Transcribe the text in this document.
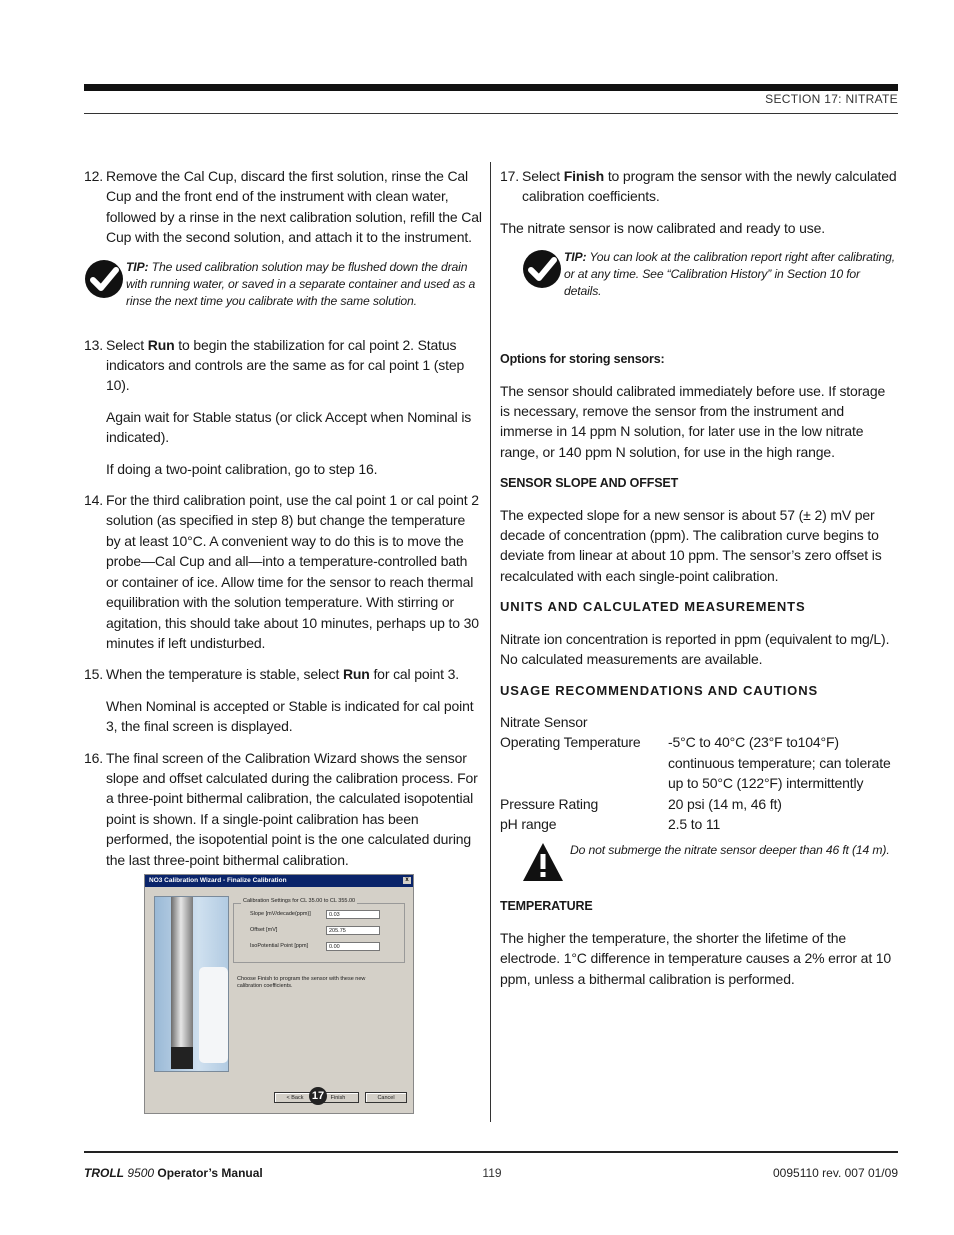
SECTION 17: NITRATE
12. Remove the Cal Cup, discard the first solution, rinse the Cal Cup and the front end of the instrument with clean water, followed by a rinse in the next calibration solution, refill the Cal Cup with the second solution, and attach it to the instrument.
TIP: The used calibration solution may be flushed down the drain with running water, or saved in a separate container and used as a rinse the next time you calibrate with the same solution.
13. Select Run to begin the stabilization for cal point 2. Status indicators and controls are the same as for cal point 1 (step 10).

Again wait for Stable status (or click Accept when Nominal is indicated).

If doing a two-point calibration, go to step 16.

14. For the third calibration point, use the cal point 1 or cal point 2 solution (as specified in step 8) but change the temperature by at least 10°C. A convenient way to do this is to move the probe—Cal Cup and all—into a temperature-controlled bath or container of ice. Allow time for the sensor to reach thermal equilibration with the solution temperature. With stirring or agitation, this should take about 10 minutes, perhaps up to 30 minutes if left undisturbed.
15. When the temperature is stable, select Run for cal point 3.

When Nominal is accepted or Stable is indicated for cal point 3, the final screen is displayed.

16. The final screen of the Calibration Wizard shows the sensor slope and offset calculated during the calibration process. For a three-point bithermal calibration, the calculated isopotential point is shown. If a single-point calibration has been performed, the isopotential point is the one calculated during the last three-point bithermal calibration.
NO3 Calibration Wizard - Finalize Calibration	x
Calibration Settings for CL 35.00 to CL 355.00
Slope [mV/decade(ppm)]	0.03
Offset [mV]	205.75
IsoPotential Point [ppm]	0.00
Choose Finish to program the sensor with these new calibration coefficients.
< Back	Finish	Cancel
17
17. Select Finish to program the sensor with the newly calculated calibration coefficients.

The nitrate sensor is now calibrated and ready to use.

TIP: You can look at the calibration report right after calibrating, or at any time. See “Calibration History” in Section 10 for details.
Options for storing sensors:

The sensor should calibrated immediately before use. If storage is necessary, remove the sensor from the instrument and immerse in 14 ppm N solution, for later use in the low nitrate range, or 140 ppm N solution, for use in the high range.

SENSOR SLOPE AND OFFSET

The expected slope for a new sensor is about 57 (± 2) mV per decade of concentration (ppm). The calibration curve begins to deviate from linear at about 10 ppm. The sensor’s zero offset is recalculated with each single-point calibration.

UNITS AND CALCULATED MEASUREMENTS

Nitrate ion concentration is reported in ppm (equivalent to mg/L). No calculated measurements are available.

USAGE RECOMMENDATIONS AND CAUTIONS
Nitrate Sensor
Operating Temperature	-5°C to 40°C (23°F to104°F) continuous temperature; can tolerate up to 50°C (122°F) intermittently
Pressure Rating	20 psi (14 m, 46 ft)
pH range	2.5 to 11
Do not submerge the nitrate sensor deeper than 46 ft (14 m).
TEMPERATURE

The higher the temperature, the shorter the lifetime of the electrode. 1°C difference in temperature causes a 2% error at 10 ppm, unless a bithermal calibration is performed.

TROLL 9500 Operator’s Manual	119	0095110 rev. 007 01/09
